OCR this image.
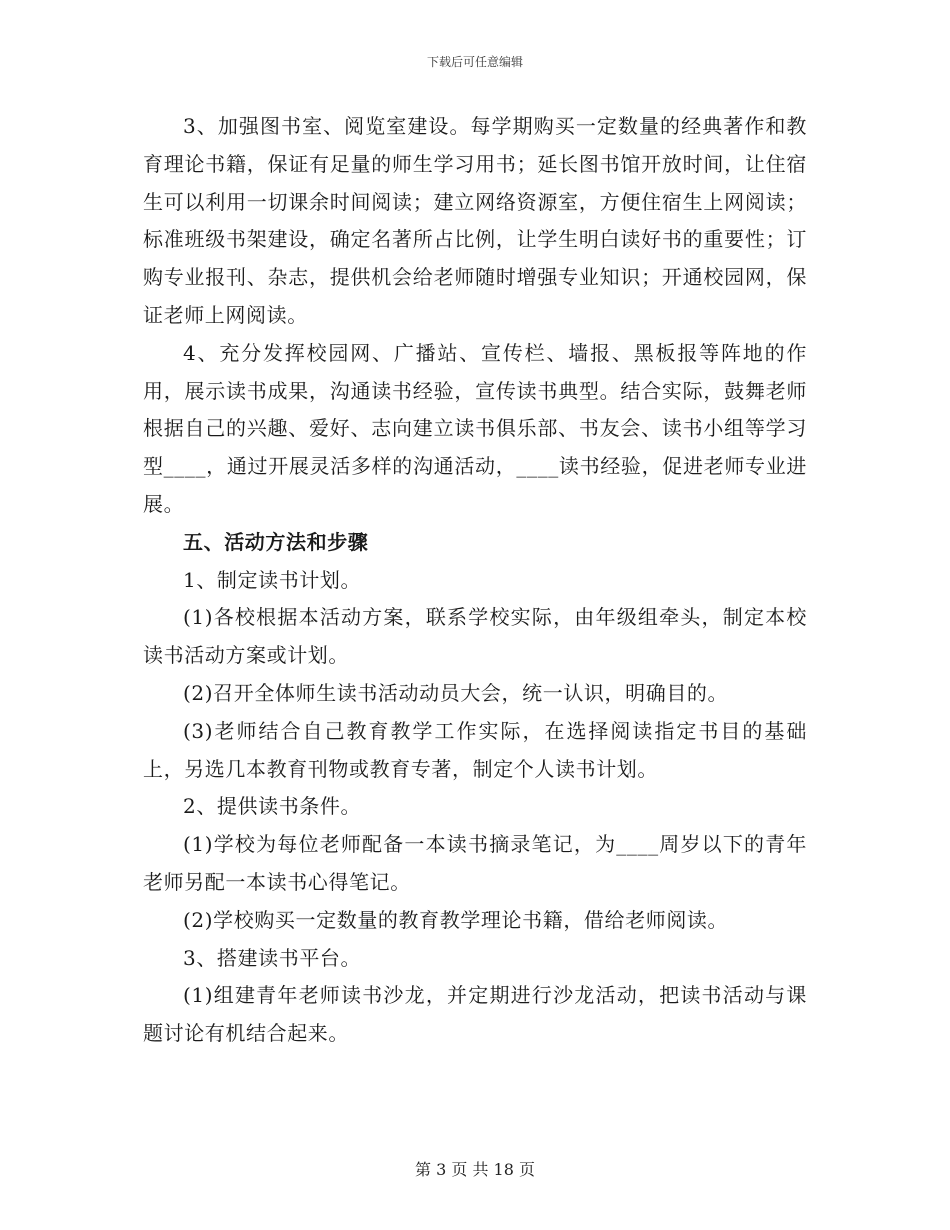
下载后可任意编辑

3、加强图书室、阅览室建设。每学期购买一定数量的经典著作和教育理论书籍，保证有足量的师生学习用书；延长图书馆开放时间，让住宿生可以利用一切课余时间阅读；建立网络资源室，方便住宿生上网阅读；标准班级书架建设，确定名著所占比例，让学生明白读好书的重要性；订购专业报刊、杂志，提供机会给老师随时增强专业知识；开通校园网，保证老师上网阅读。

4、充分发挥校园网、广播站、宣传栏、墙报、黑板报等阵地的作用，展示读书成果，沟通读书经验，宣传读书典型。结合实际，鼓舞老师根据自己的兴趣、爱好、志向建立读书俱乐部、书友会、读书小组等学习型____，通过开展灵活多样的沟通活动，____读书经验，促进老师专业进展。

五、活动方法和步骤

1、制定读书计划。

(1)各校根据本活动方案，联系学校实际，由年级组牵头，制定本校读书活动方案或计划。

(2)召开全体师生读书活动动员大会，统一认识，明确目的。

(3)老师结合自己教育教学工作实际，在选择阅读指定书目的基础上，另选几本教育刊物或教育专著，制定个人读书计划。

2、提供读书条件。

(1)学校为每位老师配备一本读书摘录笔记，为____周岁以下的青年老师另配一本读书心得笔记。

(2)学校购买一定数量的教育教学理论书籍，借给老师阅读。

3、搭建读书平台。

(1)组建青年老师读书沙龙，并定期进行沙龙活动，把读书活动与课题讨论有机结合起来。

第 3 页 共 18 页
